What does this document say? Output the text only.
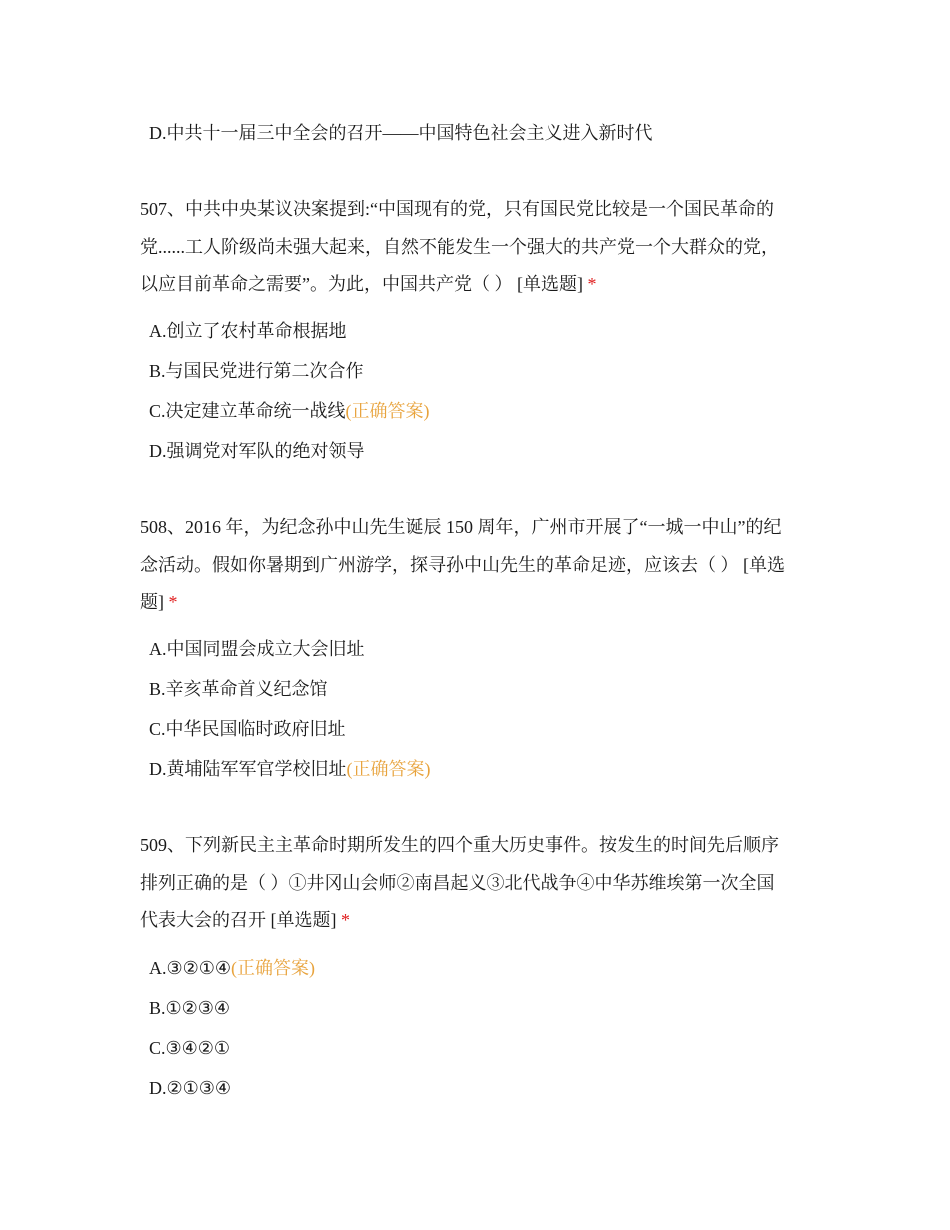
D.中共十一届三中全会的召开——中国特色社会主义进入新时代

507、中共中央某议决案提到:“中国现有的党，只有国民党比较是一个国民革命的

党......工人阶级尚未强大起来，自然不能发生一个强大的共产党一个大群众的党，

以应目前革命之需要”。为此，中国共产党（ ） [单选题] *

A.创立了农村革命根据地
B.与国民党进行第二次合作
C.决定建立革命统一战线(正确答案)
D.强调党对军队的绝对领导

508、2016 年，为纪念孙中山先生诞辰 150 周年，广州市开展了“一城一中山”的纪

念活动。假如你暑期到广州游学，探寻孙中山先生的革命足迹，应该去（ ） [单选

题] *

A.中国同盟会成立大会旧址
B.辛亥革命首义纪念馆
C.中华民国临时政府旧址
D.黄埔陆军军官学校旧址(正确答案)

509、下列新民主主革命时期所发生的四个重大历史事件。按发生的时间先后顺序

排列正确的是（ ）①井冈山会师②南昌起义③北代战争④中华苏维埃第一次全国

代表大会的召开 [单选题] *

A.③②①④(正确答案)
B.①②③④
C.③④②①
D.②①③④
